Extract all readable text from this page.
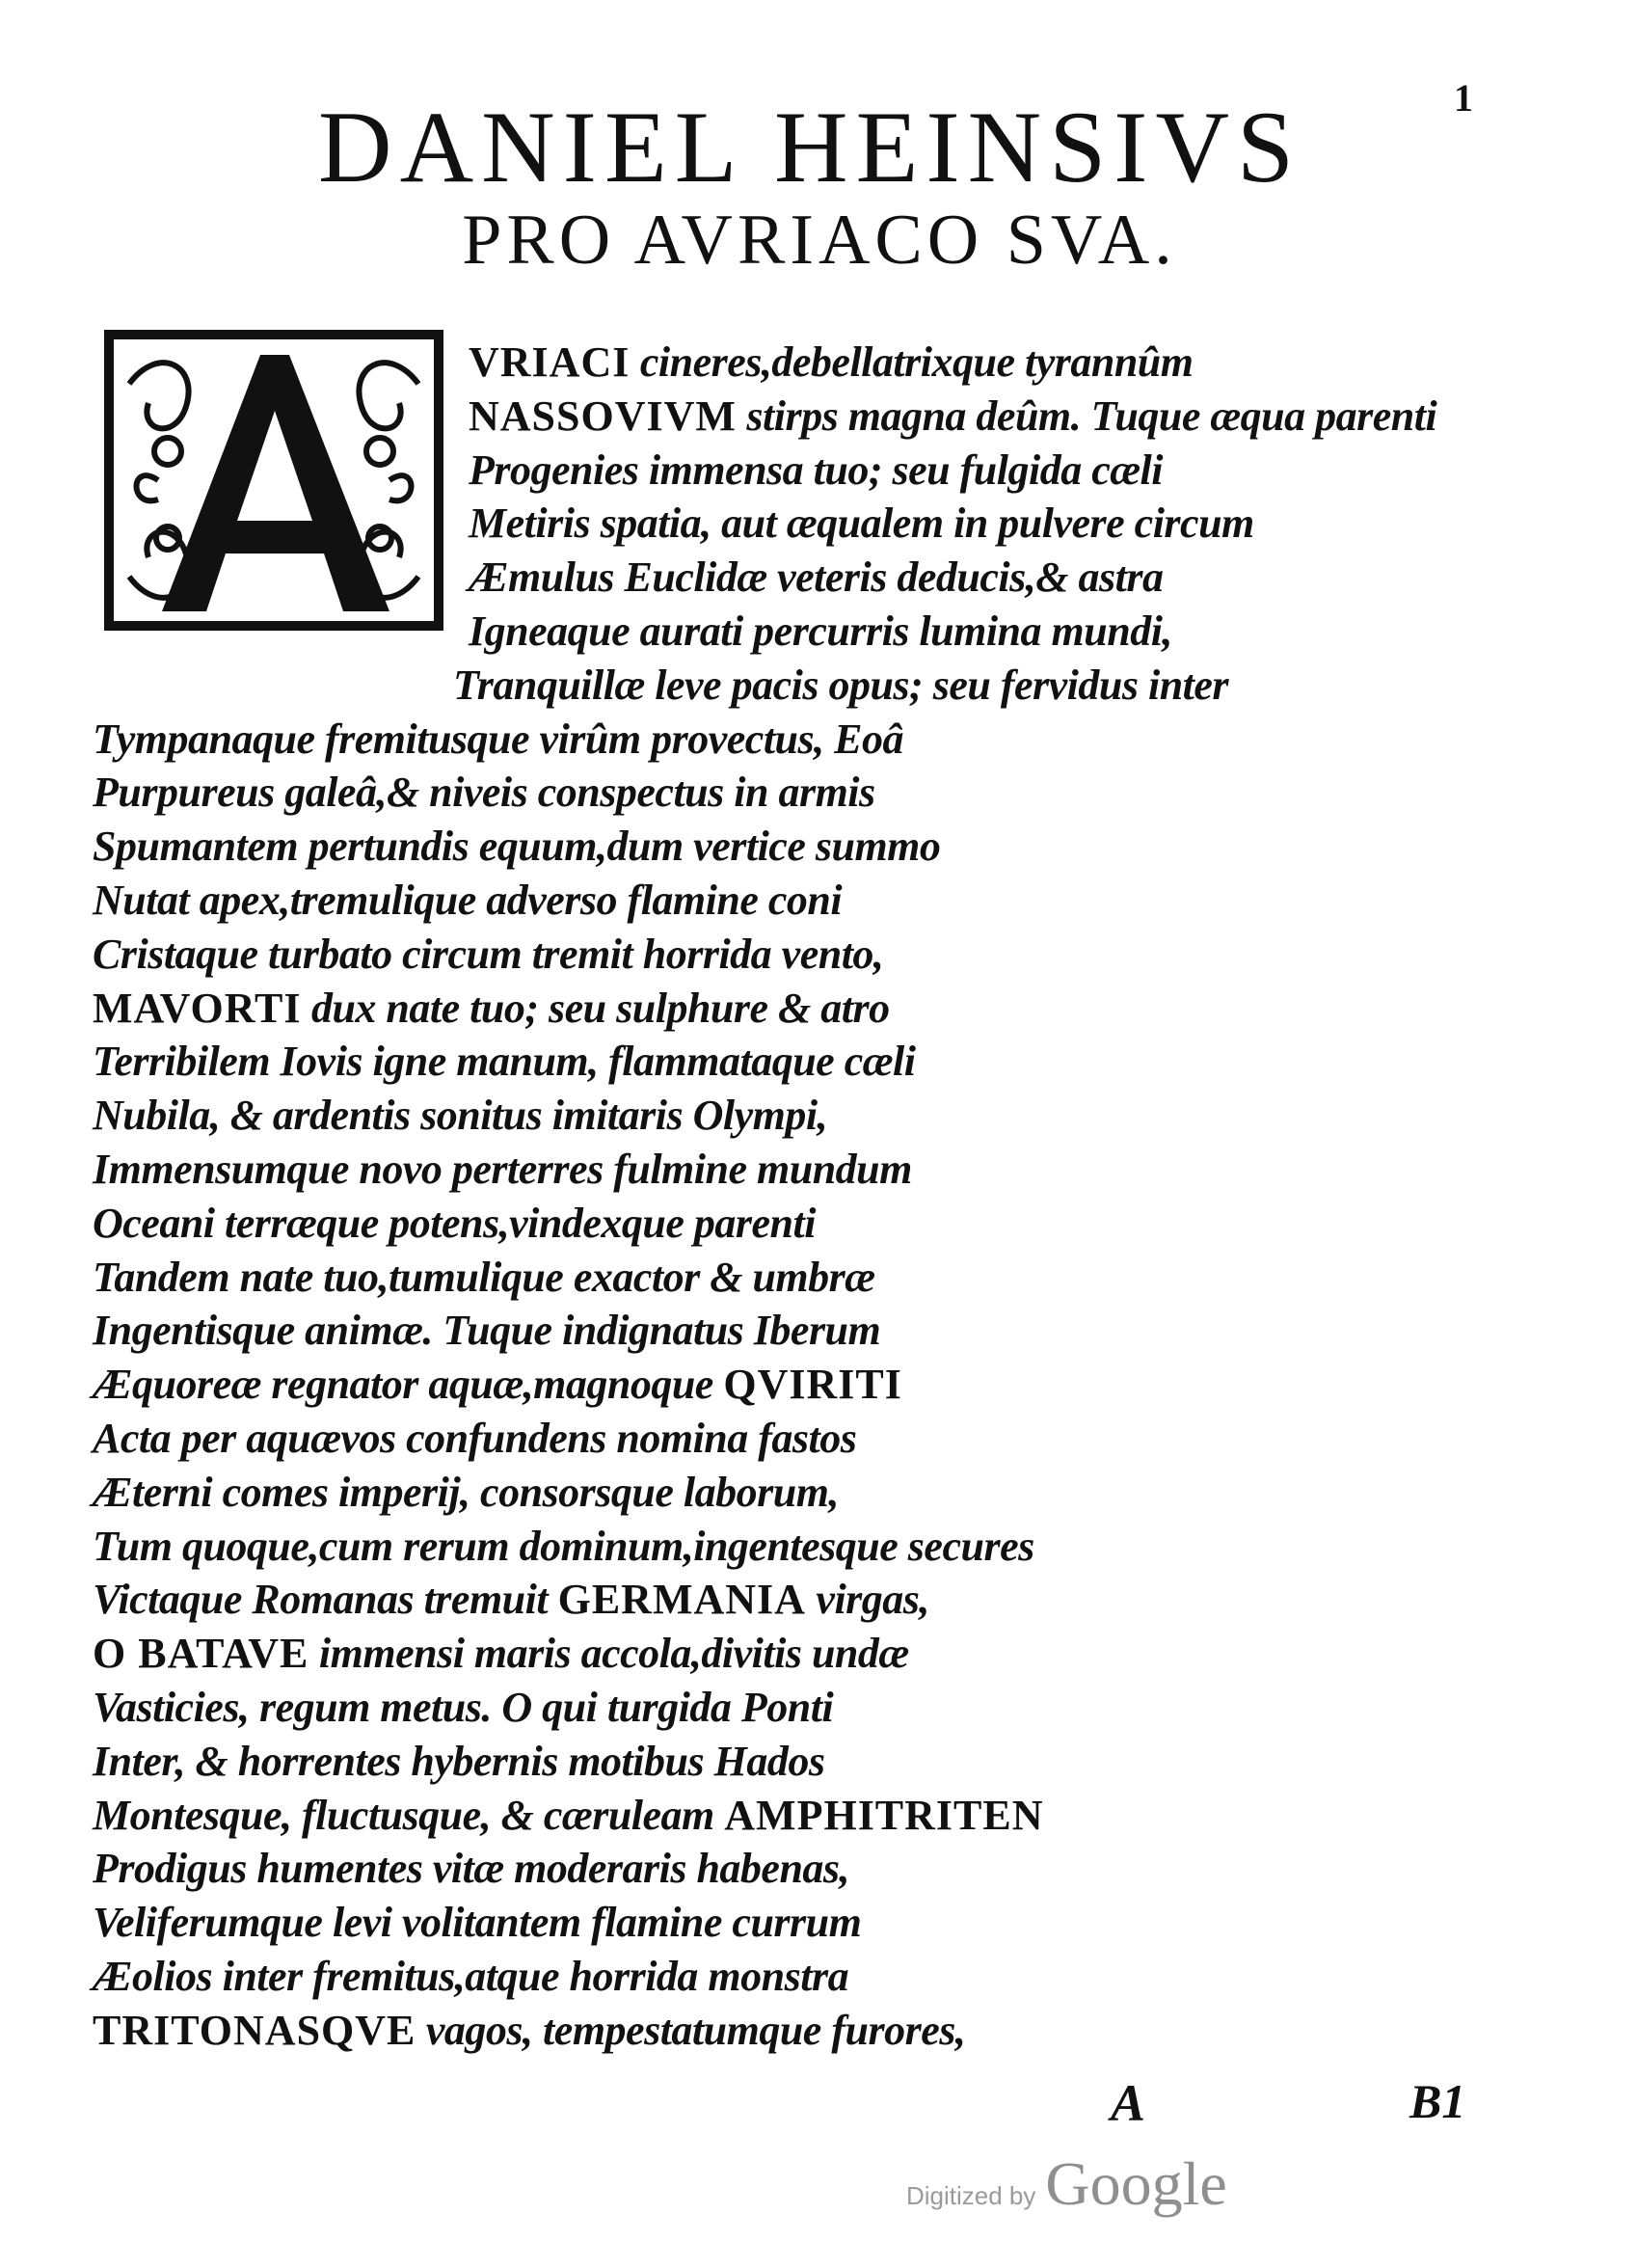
1
DANIEL HEINSIVS
PRO AVRIACO SVA.
VRIACI cineres,debellatrixque tyrannûm
NASSOVIVM stirps magna deûm. Tuque æqua parenti
Progenies immensa tuo; seu fulgida cæli
Metiris spatia, aut æqualem in pulvere circum
Æmulus Euclidæ veteris deducis,& astra
Igneaque aurati percurris lumina mundi,
Tranquillæ leve pacis opus; seu fervidus inter
Tympanaque fremitusque virûm provectus, Eoâ
Purpureus galeâ,& niveis conspectus in armis
Spumantem pertundis equum,dum vertice summo
Nutat apex,tremulique adverso flamine coni
Cristaque turbato circum tremit horrida vento,
MAVORTI dux nate tuo; seu sulphure & atro
Terribilem Iovis igne manum, flammataque cæli
Nubila, & ardentis sonitus imitaris Olympi,
Immensumque novo perterres fulmine mundum
Oceani terræque potens,vindexque parenti
Tandem nate tuo,tumulique exactor & umbræ
Ingentisque animæ. Tuque indignatus Iberum
Æquoreæ regnator aquæ,magnoque QVIRITI
Acta per aquævos confundens nomina fastos
Æterni comes imperij, consorsque laborum,
Tum quoque,cum rerum dominum,ingentesque secures
Victaque Romanas tremuit GERMANIA virgas,
O BATAVE immensi maris accola,divitis undæ
Vasticies, regum metus. O qui turgida Ponti
Inter, & horrentes hybernis motibus Hados
Montesque, fluctusque, & cæruleam AMPHITRITEN
Prodigus humentes vitæ moderaris habenas,
Veliferumque levi volitantem flamine currum
Æolios inter fremitus,atque horrida monstra
TRITONASQVE vagos, tempestatumque furores,
A	B1
Digitized by Google
